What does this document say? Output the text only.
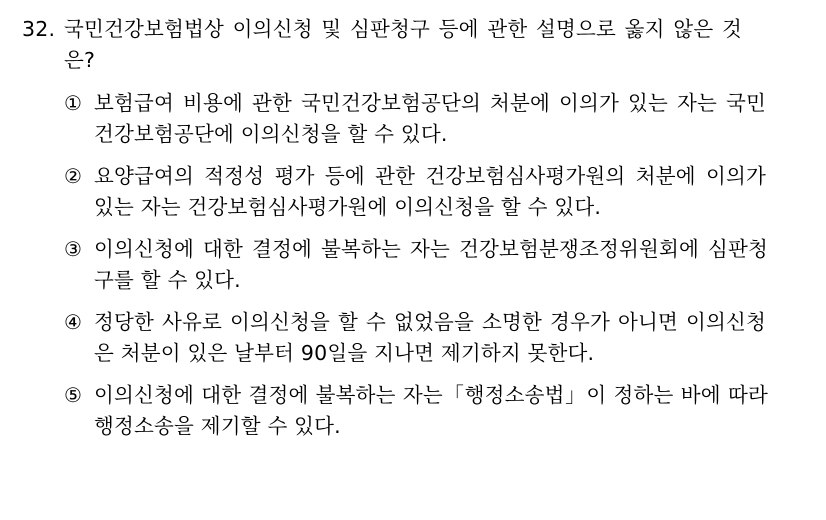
32. 국민건강보험법상 이의신청 및 심판청구 등에 관한 설명으로 옳지 않은 것은?
① 보험급여 비용에 관한 국민건강보험공단의 처분에 이의가 있는 자는 국민건강보험공단에 이의신청을 할 수 있다.
② 요양급여의 적정성 평가 등에 관한 건강보험심사평가원의 처분에 이의가 있는 자는 건강보험심사평가원에 이의신청을 할 수 있다.
③ 이의신청에 대한 결정에 불복하는 자는 건강보험분쟁조정위원회에 심판청구를 할 수 있다.
④ 정당한 사유로 이의신청을 할 수 없었음을 소명한 경우가 아니면 이의신청은 처분이 있은 날부터 90일을 지나면 제기하지 못한다.
⑤ 이의신청에 대한 결정에 불복하는 자는「행정소송법」이 정하는 바에 따라 행정소송을 제기할 수 있다.
